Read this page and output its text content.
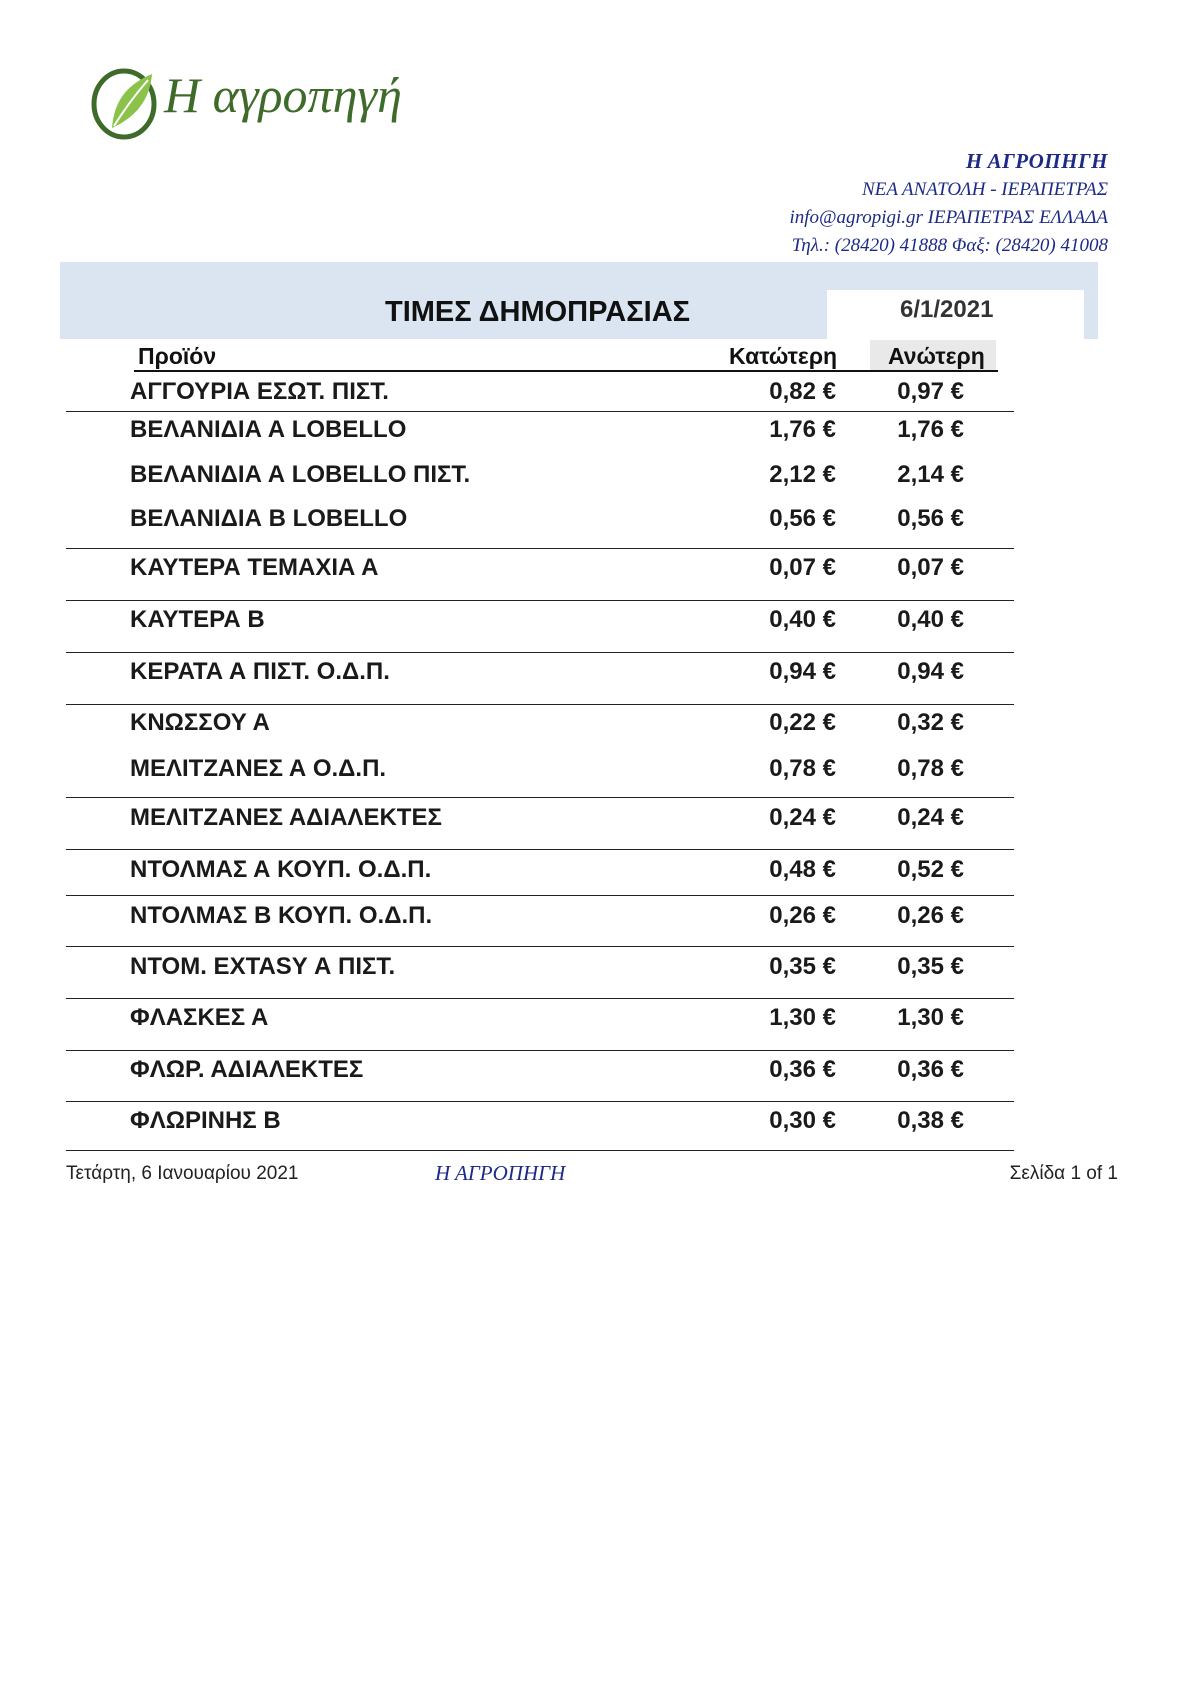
Η αγροπηγή
Η ΑΓΡΟΠΗΓΗ
ΝΕΑ ΑΝΑΤΟΛΗ - ΙΕΡΑΠΕΤΡΑΣ
info@agropigi.gr ΙΕΡΑΠΕΤΡΑΣ ΕΛΛΑΔΑ
Τηλ.: (28420) 41888 Φαξ: (28420) 41008
ΤΙΜΕΣ ΔΗΜΟΠΡΑΣΙΑΣ	6/1/2021
Προϊόν	Κατώτερη Ανώτερη
ΑΓΓΟΥΡΙΑ ΕΣΩΤ. ΠΙΣΤ.	0,82 €	0,97 €
ΒΕΛΑΝΙΔΙΑ Α LOBELLO	1,76 €	1,76 €
ΒΕΛΑΝΙΔΙΑ Α LOBELLO ΠΙΣΤ.	2,12 €	2,14 €
ΒΕΛΑΝΙΔΙΑ Β LOBELLO	0,56 €	0,56 €
ΚΑΥΤΕΡΑ ΤΕΜΑΧΙΑ Α	0,07 €	0,07 €
ΚΑΥΤΕΡΑ Β	0,40 €	0,40 €
ΚΕΡΑΤΑ Α ΠΙΣΤ. Ο.Δ.Π.	0,94 €	0,94 €
ΚΝΩΣΣΟΥ Α	0,22 €	0,32 €
ΜΕΛΙΤΖΑΝΕΣ Α Ο.Δ.Π.	0,78 €	0,78 €
ΜΕΛΙΤΖΑΝΕΣ ΑΔΙΑΛΕΚΤΕΣ	0,24 €	0,24 €
ΝΤΟΛΜΑΣ Α ΚΟΥΠ. Ο.Δ.Π.	0,48 €	0,52 €
ΝΤΟΛΜΑΣ Β ΚΟΥΠ. Ο.Δ.Π.	0,26 €	0,26 €
ΝΤΟΜ. EXTASY Α ΠΙΣΤ.	0,35 €	0,35 €
ΦΛΑΣΚΕΣ Α	1,30 €	1,30 €
ΦΛΩΡ. ΑΔΙΑΛΕΚΤΕΣ	0,36 €	0,36 €
ΦΛΩΡΙΝΗΣ Β	0,30 €	0,38 €
Τετάρτη, 6 Ιανουαρίου 2021	Η ΑΓΡΟΠΗΓΗ	Σελίδα 1 of 1
